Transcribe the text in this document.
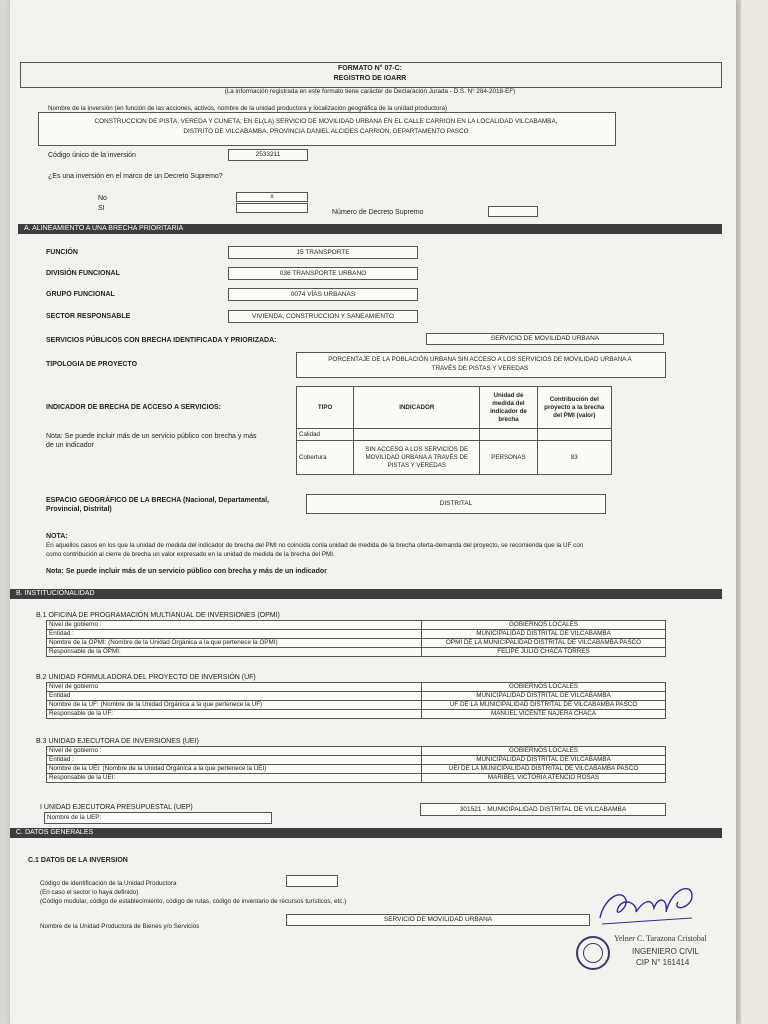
FORMATO N° 07-C:
REGISTRO DE IOARR
(La información registrada en este formato tiene carácter de Declaración Jurada - D.S. N° 284-2018-EF)
Nombre de la inversión (en función de las acciones, activos, nombre de la unidad productora y localización geográfica de la unidad productora)
CONSTRUCCION DE PISTA, VEREDA Y CUNETA; EN EL(LA) SERVICIO DE MOVILIDAD URBANA EN EL CALLE CARRION EN LA LOCALIDAD VILCABAMBA,
DISTRITO DE VILCABAMBA, PROVINCIA DANIEL ALCIDES CARRION, DEPARTAMENTO PASCO
Código único de la inversión	2533211
¿Es una inversión en el marco de un Decreto Supremo?
No
SI
x
Número de Decreto Supremo
A. ALINEAMIENTO A UNA BRECHA PRIORITARIA
FUNCIÓN	15 TRANSPORTE
DIVISIÓN FUNCIONAL	036 TRANSPORTE URBANO
GRUPO FUNCIONAL	0074 VÍAS URBANAS
SECTOR RESPONSABLE	VIVIENDA, CONSTRUCCION Y SANEAMIENTO
SERVICIOS PÚBLICOS CON BRECHA IDENTIFICADA Y PRIORIZADA:	SERVICIO DE MOVILIDAD URBANA
TIPOLOGIA DE PROYECTO
PORCENTAJE DE LA POBLACIÓN URBANA SIN ACCESO A LOS SERVICIOS DE MOVILIDAD URBANA A
TRAVÉS DE PISTAS Y VEREDAS
INDICADOR DE BRECHA DE ACCESO A SERVICIOS:
Nota: Se puede incluir más de un servicio público con brecha y más
de un indicador
TIPO	INDICADOR	Unidad de medida del indicador de brecha	Contribución del proyecto a la brecha del PMI (valor)
Calidad			
Cobertura	SIN ACCESO A LOS SERVICIOS DE MOVILIDAD URBANA A TRAVÉS DE PISTAS Y VEREDAS	PERSONAS	83
ESPACIO GEOGRÁFICO DE LA BRECHA (Nacional, Departamental,
Provincial, Distrital)
DISTRITAL
NOTA:
En aquellos casos en los que la unidad de medida del indicador de brecha del PMI no coincida conla unidad de medida de la brecha oferta-demanda del proyecto, se recomienda que la UF con
como contribución al cierre de brecha un valor expresado en la unidad de medida de la brecha del PMI.
Nota: Se puede incluir más de un servicio público con brecha y más de un indicador
B. INSTITUCIONALIDAD
B.1 OFICINA DE PROGRAMACIÓN MULTIANUAL DE INVERSIONES (OPMI)
Nivel de gobierno :	GOBIERNOS LOCALES
Entidad :	MUNICIPALIDAD DISTRITAL DE VILCABAMBA
Nombre de la OPMI: (Nombre de la Unidad Orgánica a la que pertenece la OPMI)	OPMI DE LA MUNICIPALIDAD DISTRITAL DE VILCABAMBA PASCO
Responsable de la OPMI:	FELIPE JULIO CHACA TORRES
B.2 UNIDAD FORMULADORA DEL PROYECTO DE INVERSIÓN (UF)
Nivel de gobierno	GOBIERNOS LOCALES
Entidad	MUNICIPALIDAD DISTRITAL DE VILCABAMBA
Nombre de la UF: (Nombre de la Unidad Orgánica a la que pertenece la UF)	UF DE LA MUNICIPALIDAD DISTRITAL DE VILCABAMBA PASCO
Responsable de la UF:	MANUEL VICENTE NAJERA CHACA
B.3 UNIDAD EJECUTORA DE INVERSIONES (UEI)
Nivel de gobierno :	GOBIERNOS LOCALES
Entidad :	MUNICIPALIDAD DISTRITAL DE VILCABAMBA
Nombre de la UEI: (Nombre de la Unidad Orgánica a la que pertenece la UEI)	UEI DE LA MUNICIPALIDAD DISTRITAL DE VILCABAMBA PASCO
Responsable de la UEI:	MARIBEL VICTORIA ATENCIO ROSAS
I UNIDAD EJECUTORA PRESUPUESTAL (UEP)
Nombre de la UEP:
301521 - MUNICIPALIDAD DISTRITAL DE VILCABAMBA
C. DATOS GENERALES
C.1 DATOS DE LA INVERSION
Código de identificación de la Unidad Productora
(En caso el sector lo haya definido)
(Código modular, código de establecimiento, código de rutas, código de inventario de recursos turísticos, etc.)
Nombre de la Unidad Productora de Bienes y/o Servicios
SERVICIO DE MOVILIDAD URBANA
Yelner C. Tarazona Cristobal
INGENIERO CIVIL
CIP N° 161414
